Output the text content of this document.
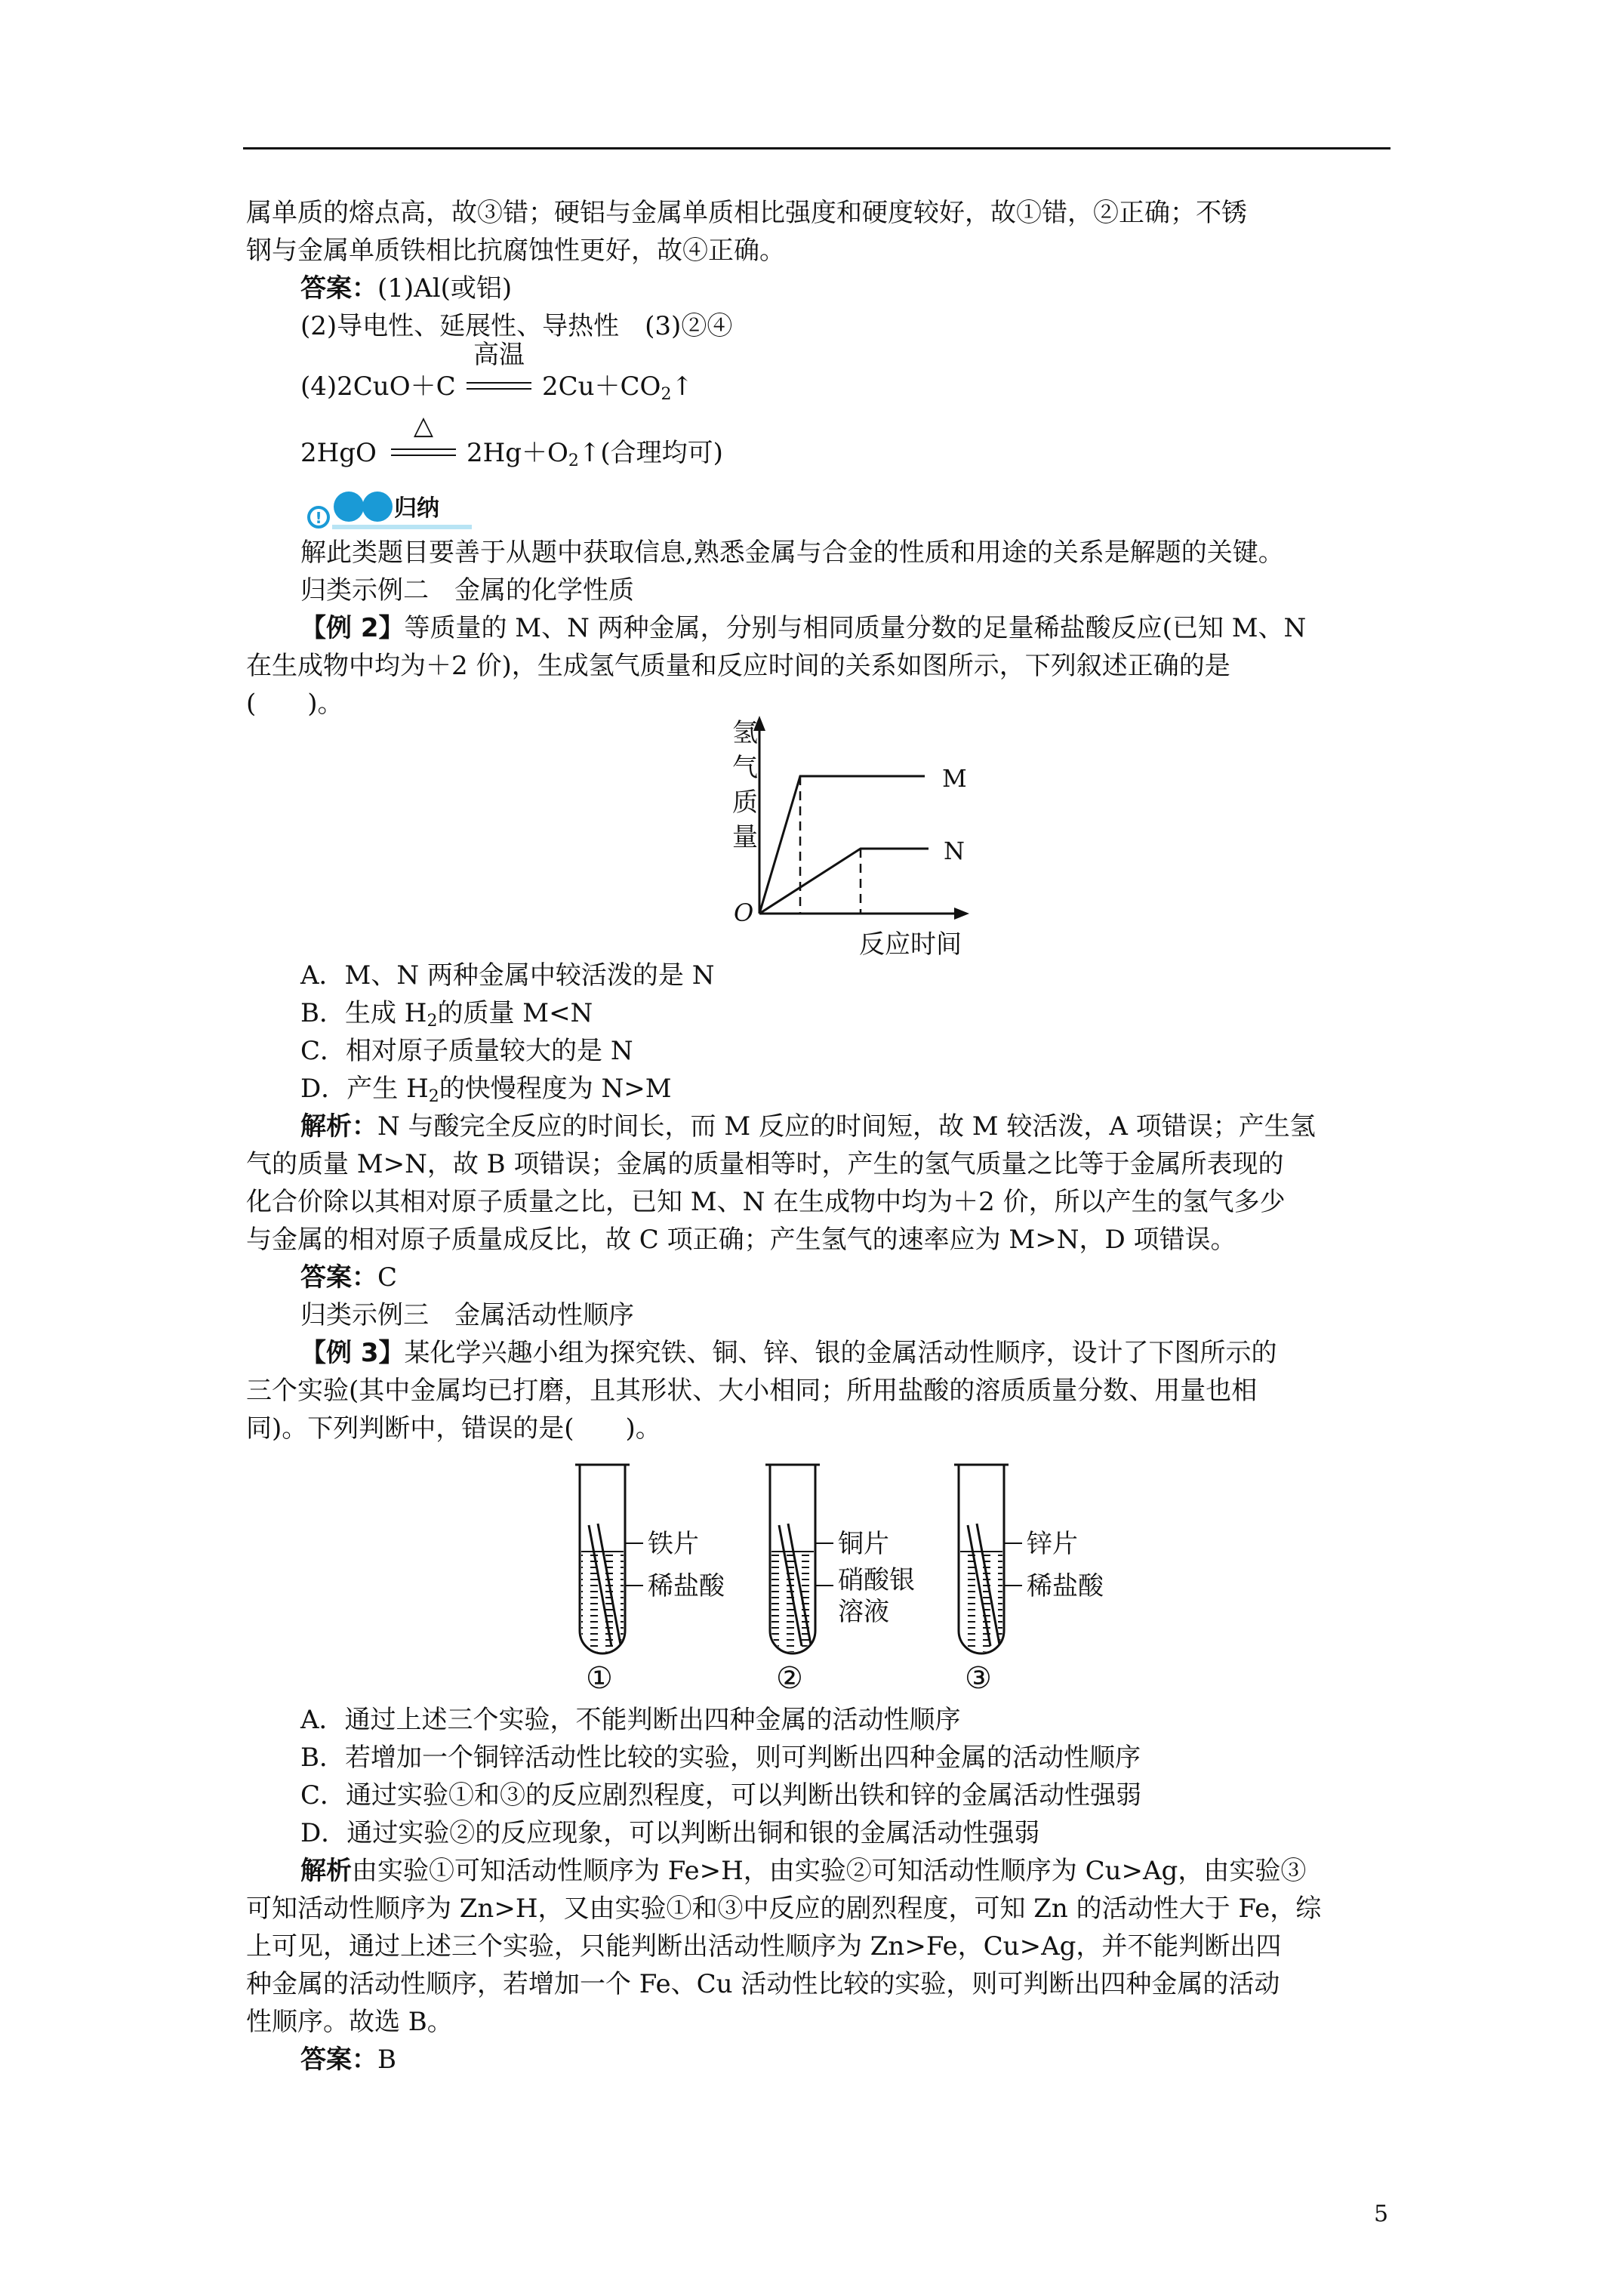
属单质的熔点高，故③错；硬铝与金属单质相比强度和硬度较好，故①错，②正确；不锈
钢与金属单质铁相比抗腐蚀性更好，故④正确。
答案：(1)Al(或铝)
(2)导电性、延展性、导热性　(3)②④
(4)2CuO＋C
高温
$2Cu+CO_2↑$
2HgO
△
$2Hg+O_2↑$(合理均可)
!	归纳
解此类题目要善于从题中获取信息,熟悉金属与合金的性质和用途的关系是解题的关键。
归类示例二　金属的化学性质
【例 2】等质量的 M、N 两种金属，分别与相同质量分数的足量稀盐酸反应(已知 M、N
在生成物中均为＋2 价)，生成氢气质量和反应时间的关系如图所示，下列叙述正确的是
(　　)。
氢
气
质
量
O
M
N
反应时间
A．M、N 两种金属中较活泼的是 N
B．生成 $H_2$的质量 M<N
C．相对原子质量较大的是 N
D．产生 $H_2$的快慢程度为 N>M
解析：N 与酸完全反应的时间长，而 M 反应的时间短，故 M 较活泼，A 项错误；产生氢
气的质量 M>N，故 B 项错误；金属的质量相等时，产生的氢气质量之比等于金属所表现的
化合价除以其相对原子质量之比，已知 M、N 在生成物中均为＋2 价，所以产生的氢气多少
与金属的相对原子质量成反比，故 C 项正确；产生氢气的速率应为 M>N，D 项错误。
答案：C
归类示例三　金属活动性顺序
【例 3】某化学兴趣小组为探究铁、铜、锌、银的金属活动性顺序，设计了下图所示的
三个实验(其中金属均已打磨，且其形状、大小相同；所用盐酸的溶质质量分数、用量也相
同)。下列判断中，错误的是(　　)。
铁片
稀盐酸
①
铜片
硝酸银
溶液
②
锌片
稀盐酸
③
A．通过上述三个实验，不能判断出四种金属的活动性顺序
B．若增加一个铜锌活动性比较的实验，则可判断出四种金属的活动性顺序
C．通过实验①和③的反应剧烈程度，可以判断出铁和锌的金属活动性强弱
D．通过实验②的反应现象，可以判断出铜和银的金属活动性强弱
解析由实验①可知活动性顺序为 Fe>H，由实验②可知活动性顺序为 Cu>Ag，由实验③
可知活动性顺序为 Zn>H，又由实验①和③中反应的剧烈程度，可知 Zn 的活动性大于 Fe，综
上可见，通过上述三个实验，只能判断出活动性顺序为 Zn>Fe，Cu>Ag，并不能判断出四
种金属的活动性顺序，若增加一个 Fe、Cu 活动性比较的实验，则可判断出四种金属的活动
性顺序。故选 B。
答案：B
5
